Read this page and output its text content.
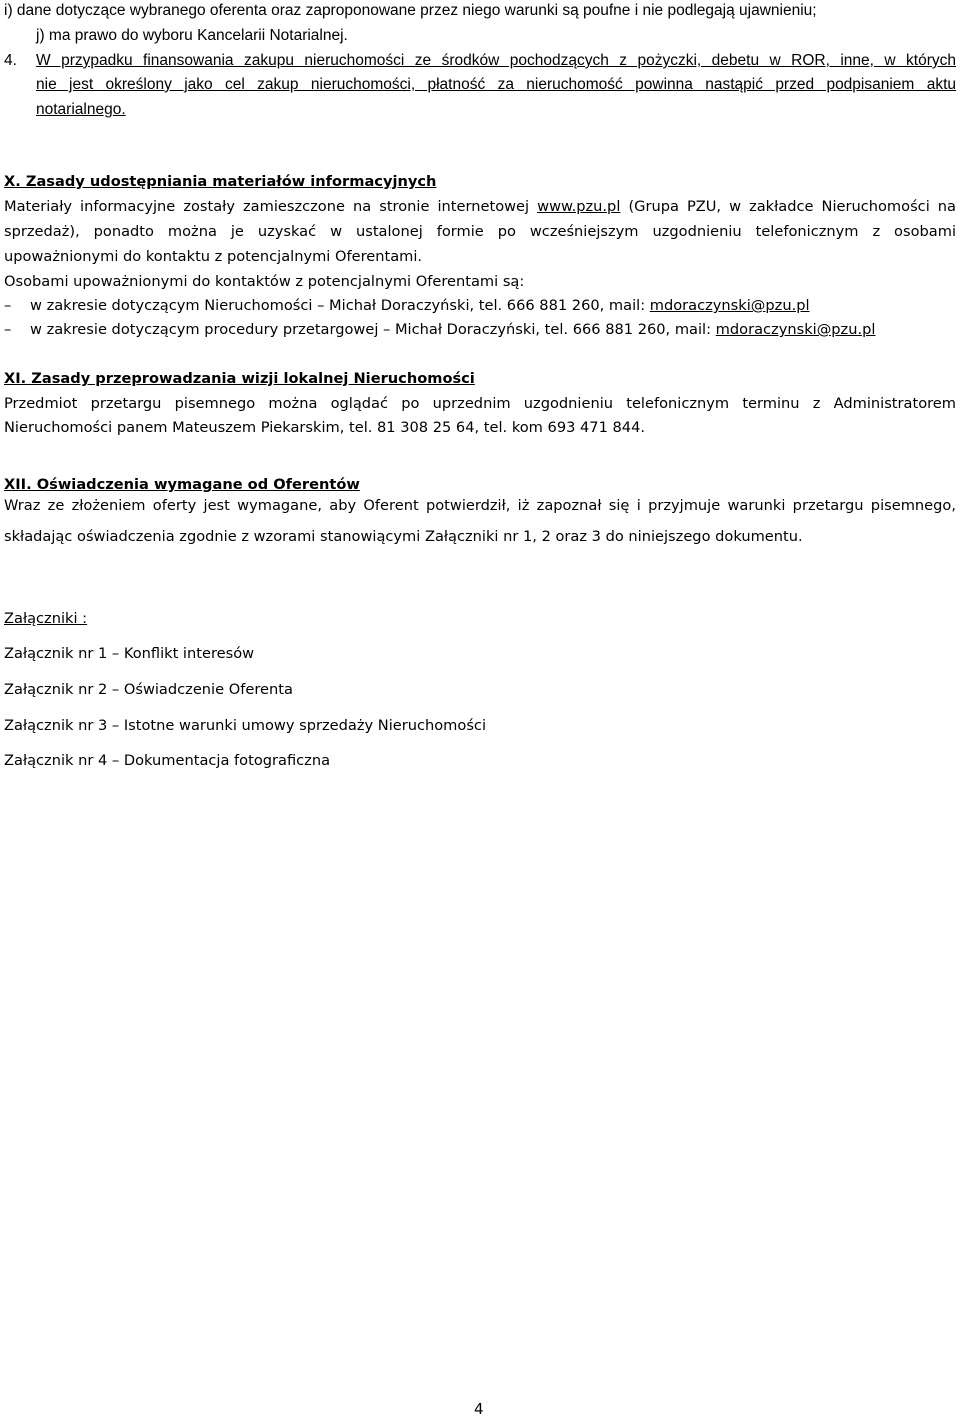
i) dane dotyczące wybranego oferenta oraz zaproponowane przez niego warunki są poufne i nie podlegają ujawnieniu;
j) ma prawo do wyboru Kancelarii Notarialnej.
4. W przypadku finansowania zakupu nieruchomości ze środków pochodzących z pożyczki, debetu w ROR, inne, w których
nie jest określony jako cel zakup nieruchomości, płatność za nieruchomość powinna nastąpić przed podpisaniem aktu
notarialnego.
X. Zasady udostępniania materiałów informacyjnych
Materiały informacyjne zostały zamieszczone na stronie internetowej www.pzu.pl (Grupa PZU, w zakładce Nieruchomości na
sprzedaż), ponadto można je uzyskać w ustalonej formie po wcześniejszym uzgodnieniu telefonicznym z osobami
upoważnionymi do kontaktu z potencjalnymi Oferentami.
Osobami upoważnionymi do kontaktów z potencjalnymi Oferentami są:
– w zakresie dotyczącym Nieruchomości – Michał Doraczyński, tel. 666 881 260, mail: mdoraczynski@pzu.pl
– w zakresie dotyczącym procedury przetargowej – Michał Doraczyński, tel. 666 881 260, mail: mdoraczynski@pzu.pl
XI. Zasady przeprowadzania wizji lokalnej Nieruchomości
Przedmiot przetargu pisemnego można oglądać po uprzednim uzgodnieniu telefonicznym terminu z Administratorem
Nieruchomości panem Mateuszem Piekarskim, tel. 81 308 25 64, tel. kom 693 471 844.
XII. Oświadczenia wymagane od Oferentów
Wraz ze złożeniem oferty jest wymagane, aby Oferent potwierdził, iż zapoznał się i przyjmuje warunki przetargu pisemnego,
składając oświadczenia zgodnie z wzorami stanowiącymi Załączniki nr 1, 2 oraz 3 do niniejszego dokumentu.
Załączniki :
Załącznik nr 1 – Konflikt interesów
Załącznik nr 2 – Oświadczenie Oferenta
Załącznik nr 3 – Istotne warunki umowy sprzedaży Nieruchomości
Załącznik nr 4 – Dokumentacja fotograficzna
4
